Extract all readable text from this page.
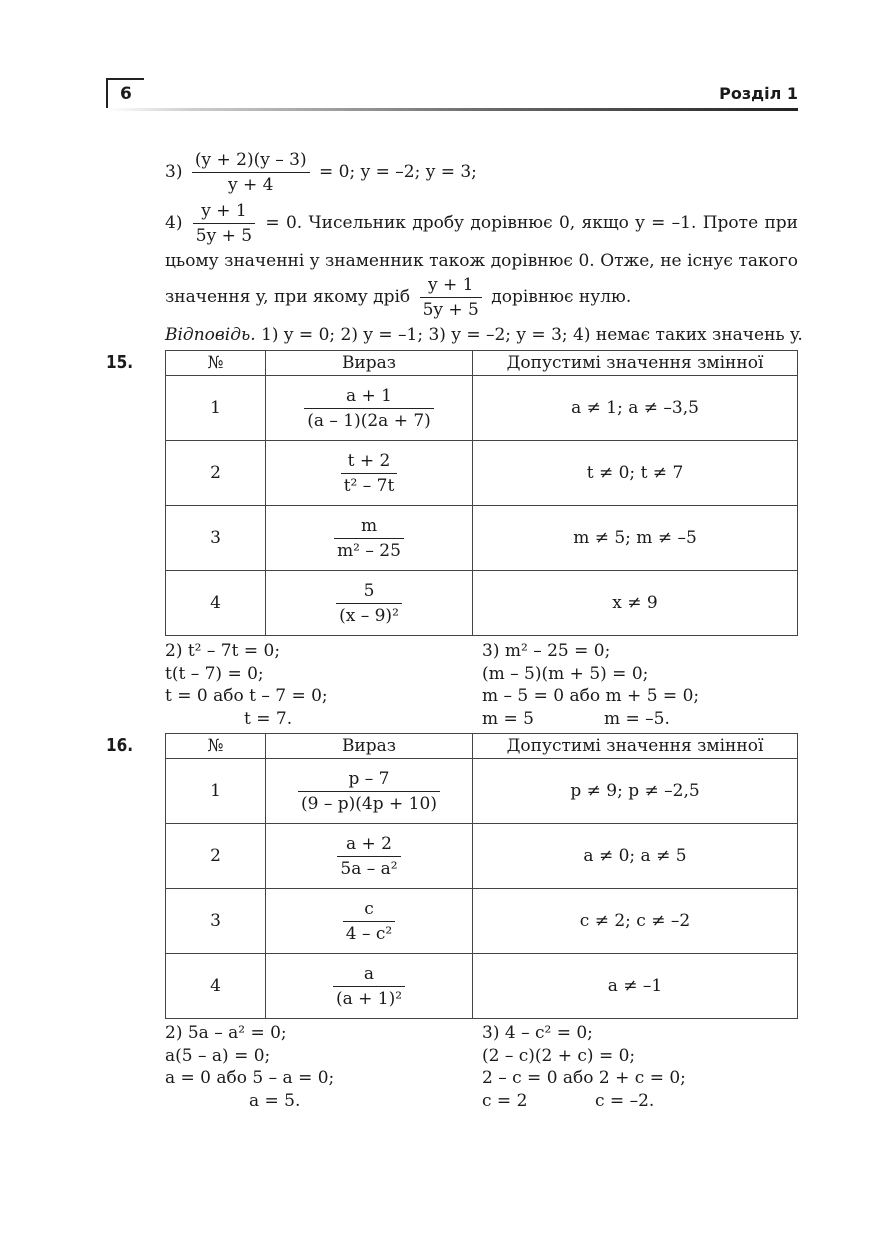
6	Розділ 1
$3) \frac{(y + 2)(y - 3)}{y + 4} = 0$; y = –2; y = 3;
$4) \frac{y + 1}{5y + 5} = 0$. Чисельник дробу дорівнює 0, якщо y = –1. Проте при
цьому значенні y знаменник також дорівнює 0. Отже, не існує такого
значення y, при якому дріб $\frac{y + 1}{5y + 5}$ дорівнює нулю.
Відповідь. 1) y = 0; 2) y = –1; 3) y = –2; y = 3; 4) немає таких значень y.
15.	№	Вираз	Допустимі значення змінної
1	$\frac{a + 1}{(a - 1)(2a + 7)}$	a ≠ 1; a ≠ –3,5
2	$\frac{t + 2}{\text{t² – 7t}}$	t ≠ 0; t ≠ 7
3	$\frac{m}{\text{m² – 25}}$	m ≠ 5; m ≠ –5
4	$\frac{5}{\text{(x – 9)²}}$	x ≠ 9
2) t² – 7t = 0;
t(t – 7) = 0;
t = 0 або t – 7 = 0;
t = 7.
3) m² – 25 = 0;
(m – 5)(m + 5) = 0;
m – 5 = 0 або m + 5 = 0;
m = 5	m = –5.
16.	№	Вираз	Допустимі значення змінної
1	$\frac{p - 7}{(9 - p)(4p + 10)}$	p ≠ 9; p ≠ –2,5
2	$\frac{a + 2}{\text{5a – a²}}$	a ≠ 0; a ≠ 5
3	$\frac{c}{\text{4 – c²}}$	c ≠ 2; c ≠ –2
4	$\frac{a}{\text{(a + 1)²}}$	a ≠ –1
2) 5a – a² = 0;
a(5 – a) = 0;
a = 0 або 5 – a = 0;
a = 5.
3) 4 – c² = 0;
(2 – c)(2 + c) = 0;
2 – c = 0 або 2 + c = 0;
c = 2	c = –2.
